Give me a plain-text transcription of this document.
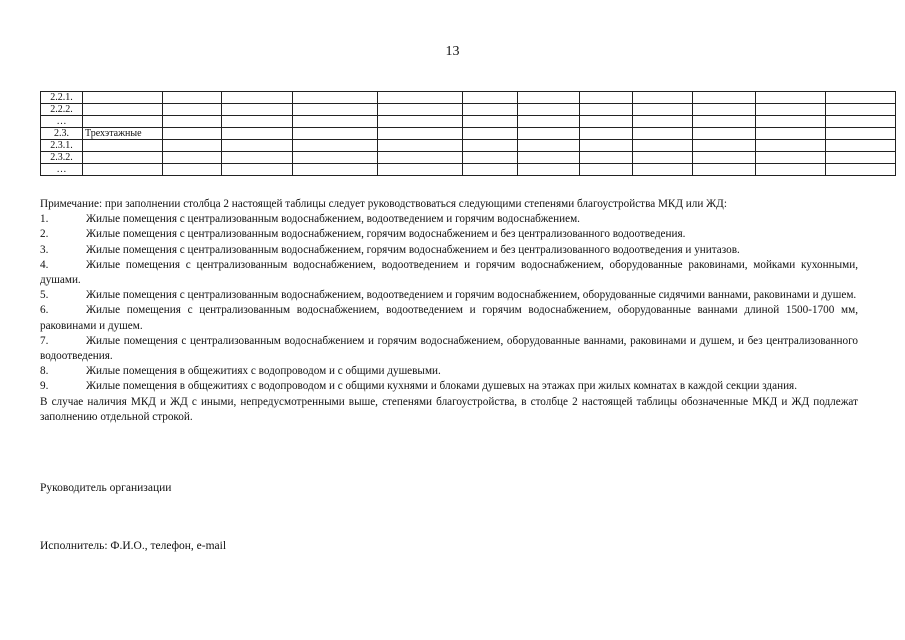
13
2.2.1.												
2.2.2.												
…												
2.3.	Трехэтажные											
2.3.1.												
2.3.2.												
…												

Примечание: при заполнении столбца 2 настоящей таблицы следует руководствоваться следующими степенями благоустройства МКД или ЖД:

1.	Жилые помещения с централизованным водоснабжением, водоотведением и горячим водоснабжением.

2.	Жилые помещения с централизованным водоснабжением, горячим водоснабжением и без централизованного водоотведения.

3.	Жилые помещения с централизованным водоснабжением, горячим водоснабжением и без централизованного водоотведения и унитазов.

4.	Жилые помещения с централизованным водоснабжением, водоотведением и горячим водоснабжением, оборудованные раковинами, мойками кухонными, душами.

5.	Жилые помещения с централизованным водоснабжением, водоотведением и горячим водоснабжением, оборудованные сидячими ваннами, раковинами и душем.

6.	Жилые помещения с централизованным водоснабжением, водоотведением и горячим водоснабжением, оборудованные ваннами длиной 1500-1700 мм, раковинами и душем.

7.	Жилые помещения с централизованным водоснабжением и горячим водоснабжением, оборудованные ваннами, раковинами и душем, и без централизованного водоотведения.

8.	Жилые помещения в общежитиях с водопроводом и с общими душевыми.

9.	Жилые помещения в общежитиях с водопроводом и с общими кухнями и блоками душевых на этажах при жилых комнатах в каждой секции здания.

В случае наличия МКД и ЖД с иными, непредусмотренными выше, степенями благоустройства, в столбце 2 настоящей таблицы обозначенные МКД и ЖД подлежат заполнению отдельной строкой.

Руководитель организации
Исполнитель: Ф.И.О., телефон, e-mail
